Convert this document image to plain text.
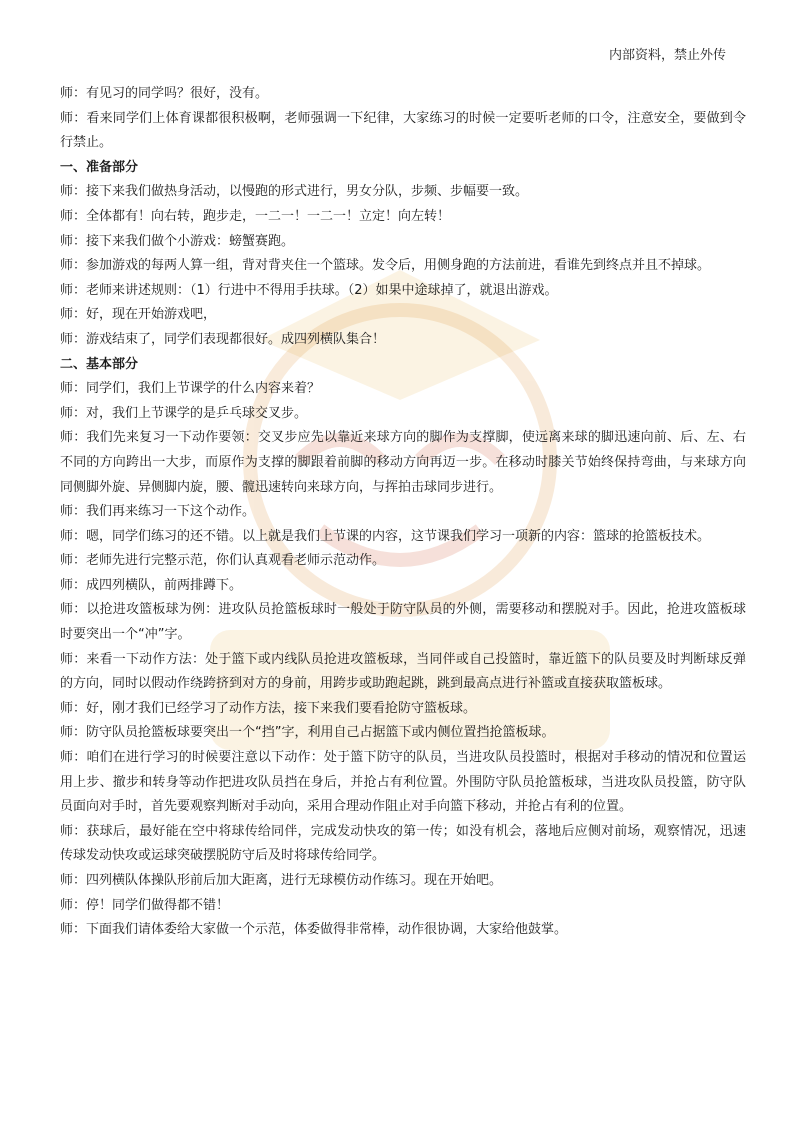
内部资料，禁止外传
师：有见习的同学吗？很好，没有。
师：看来同学们上体育课都很积极啊，老师强调一下纪律，大家练习的时候一定要听老师的口令，注意安全，要做到令行禁止。
一、准备部分
师：接下来我们做热身活动，以慢跑的形式进行，男女分队，步频、步幅要一致。
师：全体都有！向右转，跑步走，一二一！一二一！立定！向左转！
师：接下来我们做个小游戏：螃蟹赛跑。
师：参加游戏的每两人算一组，背对背夹住一个篮球。发令后，用侧身跑的方法前进，看谁先到终点并且不掉球。
师：老师来讲述规则：（1）行进中不得用手扶球。（2）如果中途球掉了，就退出游戏。
师：好，现在开始游戏吧，
师：游戏结束了，同学们表现都很好。成四列横队集合！
二、基本部分
师：同学们，我们上节课学的什么内容来着？
师：对，我们上节课学的是乒乓球交叉步。
师：我们先来复习一下动作要领：交叉步应先以靠近来球方向的脚作为支撑脚，使远离来球的脚迅速向前、后、左、右不同的方向跨出一大步，而原作为支撑的脚跟着前脚的移动方向再迈一步。在移动时膝关节始终保持弯曲，与来球方向同侧脚外旋、异侧脚内旋，腰、髋迅速转向来球方向，与挥拍击球同步进行。
师：我们再来练习一下这个动作。
师：嗯，同学们练习的还不错。以上就是我们上节课的内容，这节课我们学习一项新的内容：篮球的抢篮板技术。
师：老师先进行完整示范，你们认真观看老师示范动作。
师：成四列横队，前两排蹲下。
师：以抢进攻篮板球为例：进攻队员抢篮板球时一般处于防守队员的外侧，需要移动和摆脱对手。因此，抢进攻篮板球时要突出一个“冲”字。
师：来看一下动作方法：处于篮下或内线队员抢进攻篮板球，当同伴或自己投篮时，靠近篮下的队员要及时判断球反弹的方向，同时以假动作绕跨挤到对方的身前，用跨步或助跑起跳，跳到最高点进行补篮或直接获取篮板球。
师：好，刚才我们已经学习了动作方法，接下来我们要看抢防守篮板球。
师：防守队员抢篮板球要突出一个“挡”字，利用自己占据篮下或内侧位置挡抢篮板球。
师：咱们在进行学习的时候要注意以下动作：处于篮下防守的队员，当进攻队员投篮时，根据对手移动的情况和位置运用上步、撤步和转身等动作把进攻队员挡在身后，并抢占有利位置。外围防守队员抢篮板球，当进攻队员投篮，防守队员面向对手时，首先要观察判断对手动向，采用合理动作阻止对手向篮下移动，并抢占有利的位置。
师：获球后，最好能在空中将球传给同伴，完成发动快攻的第一传；如没有机会，落地后应侧对前场，观察情况，迅速传球发动快攻或运球突破摆脱防守后及时将球传给同学。
师：四列横队体操队形前后加大距离，进行无球模仿动作练习。现在开始吧。
师：停！同学们做得都不错！
师：下面我们请体委给大家做一个示范，体委做得非常棒，动作很协调，大家给他鼓掌。
